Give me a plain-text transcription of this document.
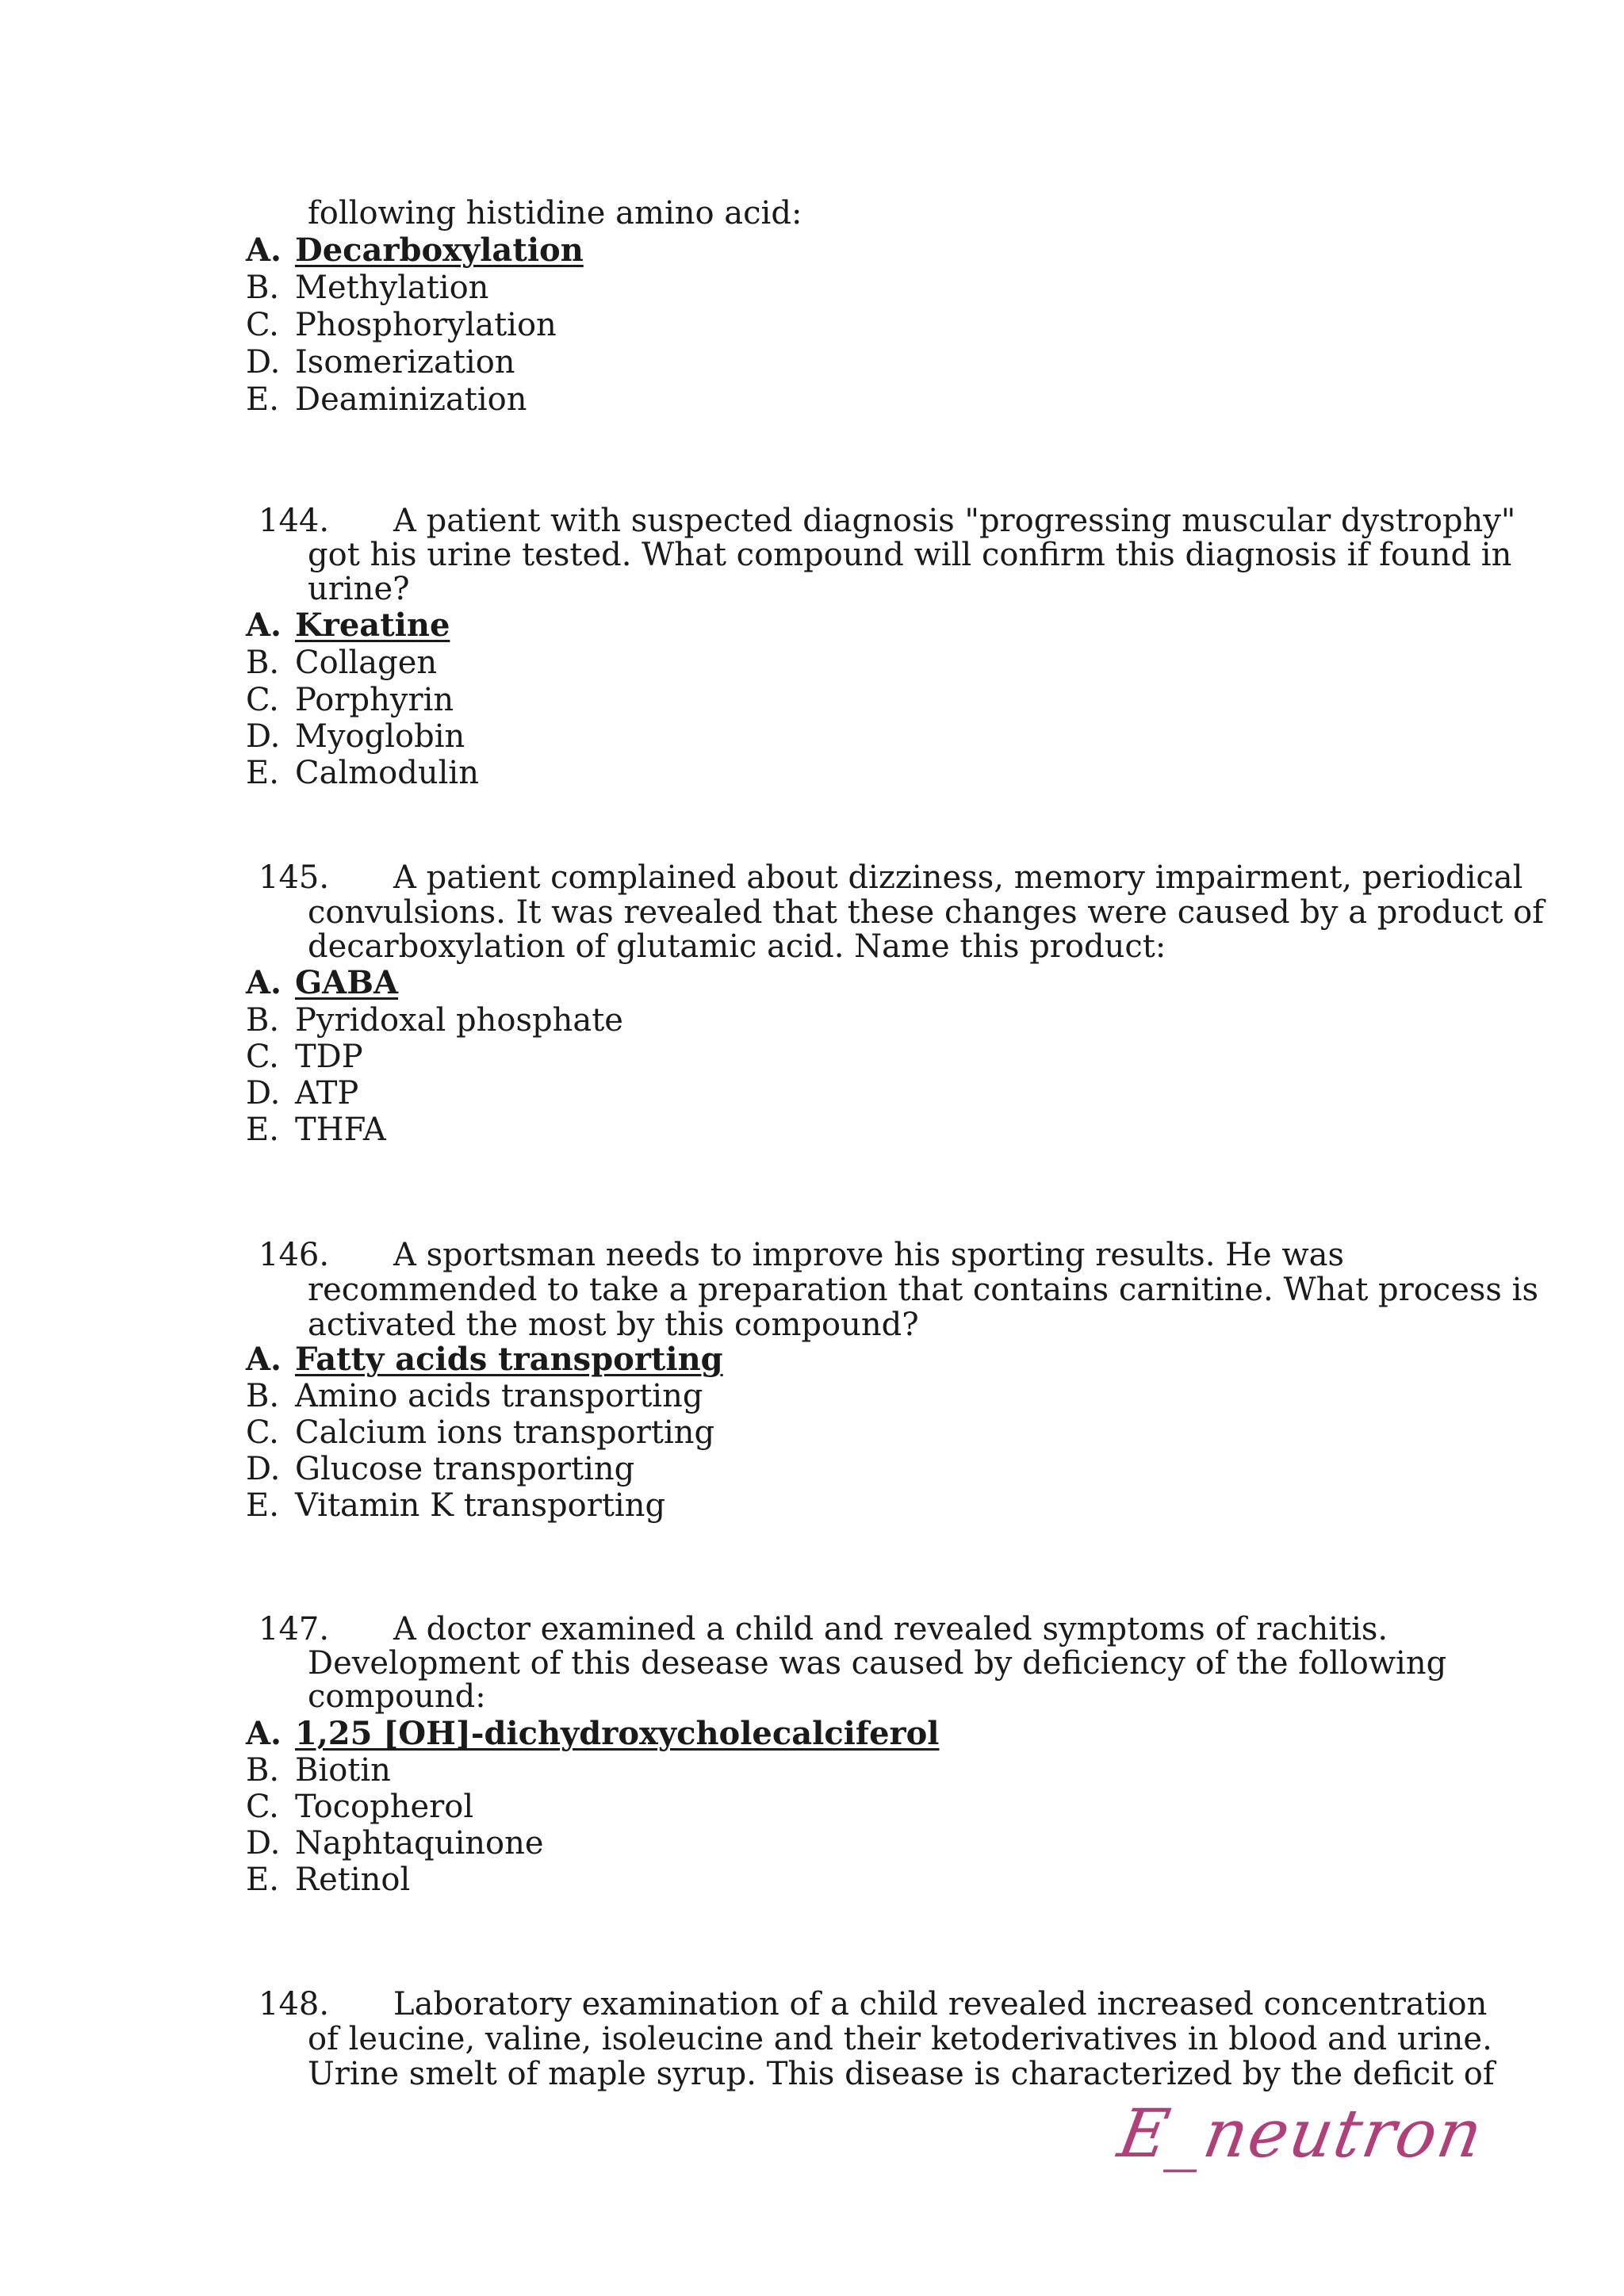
following histidine amino acid:
A. Decarboxylation
B. Methylation
C. Phosphorylation
D. Isomerization
E. Deaminization
144. A patient with suspected diagnosis "progressing muscular dystrophy"
got his urine tested. What compound will confirm this diagnosis if found in
urine?
A. Kreatine
B. Collagen
C. Porphyrin
D. Myoglobin
E. Calmodulin
145. A patient complained about dizziness, memory impairment, periodical
convulsions. It was revealed that these changes were caused by a product of
decarboxylation of glutamic acid. Name this product:
A. GABA
B. Pyridoxal phosphate
C. TDP
D. ATP
E. THFA
146. A sportsman needs to improve his sporting results. He was
recommended to take a preparation that contains carnitine. What process is
activated the most by this compound?
A. Fatty acids transporting
B. Amino acids transporting
C. Calcium ions transporting
D. Glucose transporting
E. Vitamin K transporting
147. A doctor examined a child and revealed symptoms of rachitis.
Development of this desease was caused by deficiency of the following
compound:
A. 1,25 [OH]-dichydroxycholecalciferol
B. Biotin
C. Tocopherol
D. Naphtaquinone
E. Retinol
148. Laboratory examination of a child revealed increased concentration
of leucine, valine, isoleucine and their ketoderivatives in blood and urine.
Urine smelt of maple syrup. This disease is characterized by the deficit of
E_neutron
